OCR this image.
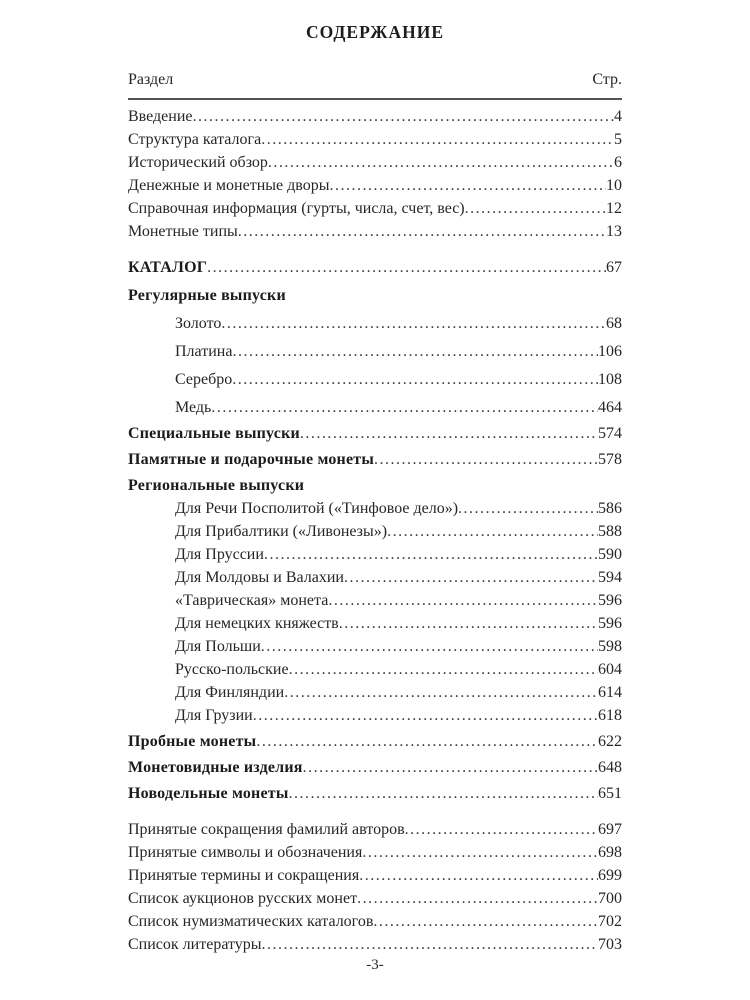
СОДЕРЖАНИЕ
Раздел	Стр.
Введение .....	4
Структура каталога .....	5
Исторический обзор .....	6
Денежные и монетные дворы .....	10
Справочная информация (гурты, числа, счет, вес) .....	12
Монетные типы .....	13
КАТАЛОГ .....	67
Регулярные выпуски
Золото .....	68
Платина .....	106
Серебро .....	108
Медь .....	464
Специальные выпуски .....	574
Памятные и подарочные монеты .....	578
Региональные выпуски
Для Речи Посполитой («Тинфовое дело») .....	586
Для Прибалтики («Ливонезы») .....	588
Для Пруссии .....	590
Для Молдовы и Валахии .....	594
«Таврическая» монета .....	596
Для немецких княжеств .....	596
Для Польши .....	598
Русско-польские .....	604
Для Финляндии .....	614
Для Грузии .....	618
Пробные монеты .....	622
Монетовидные изделия .....	648
Новодельные монеты .....	651
Принятые сокращения фамилий авторов .....	697
Принятые символы и обозначения .....	698
Принятые термины и сокращения .....	699
Список аукционов русских монет .....	700
Список нумизматических каталогов .....	702
Список литературы .....	703
-3-
